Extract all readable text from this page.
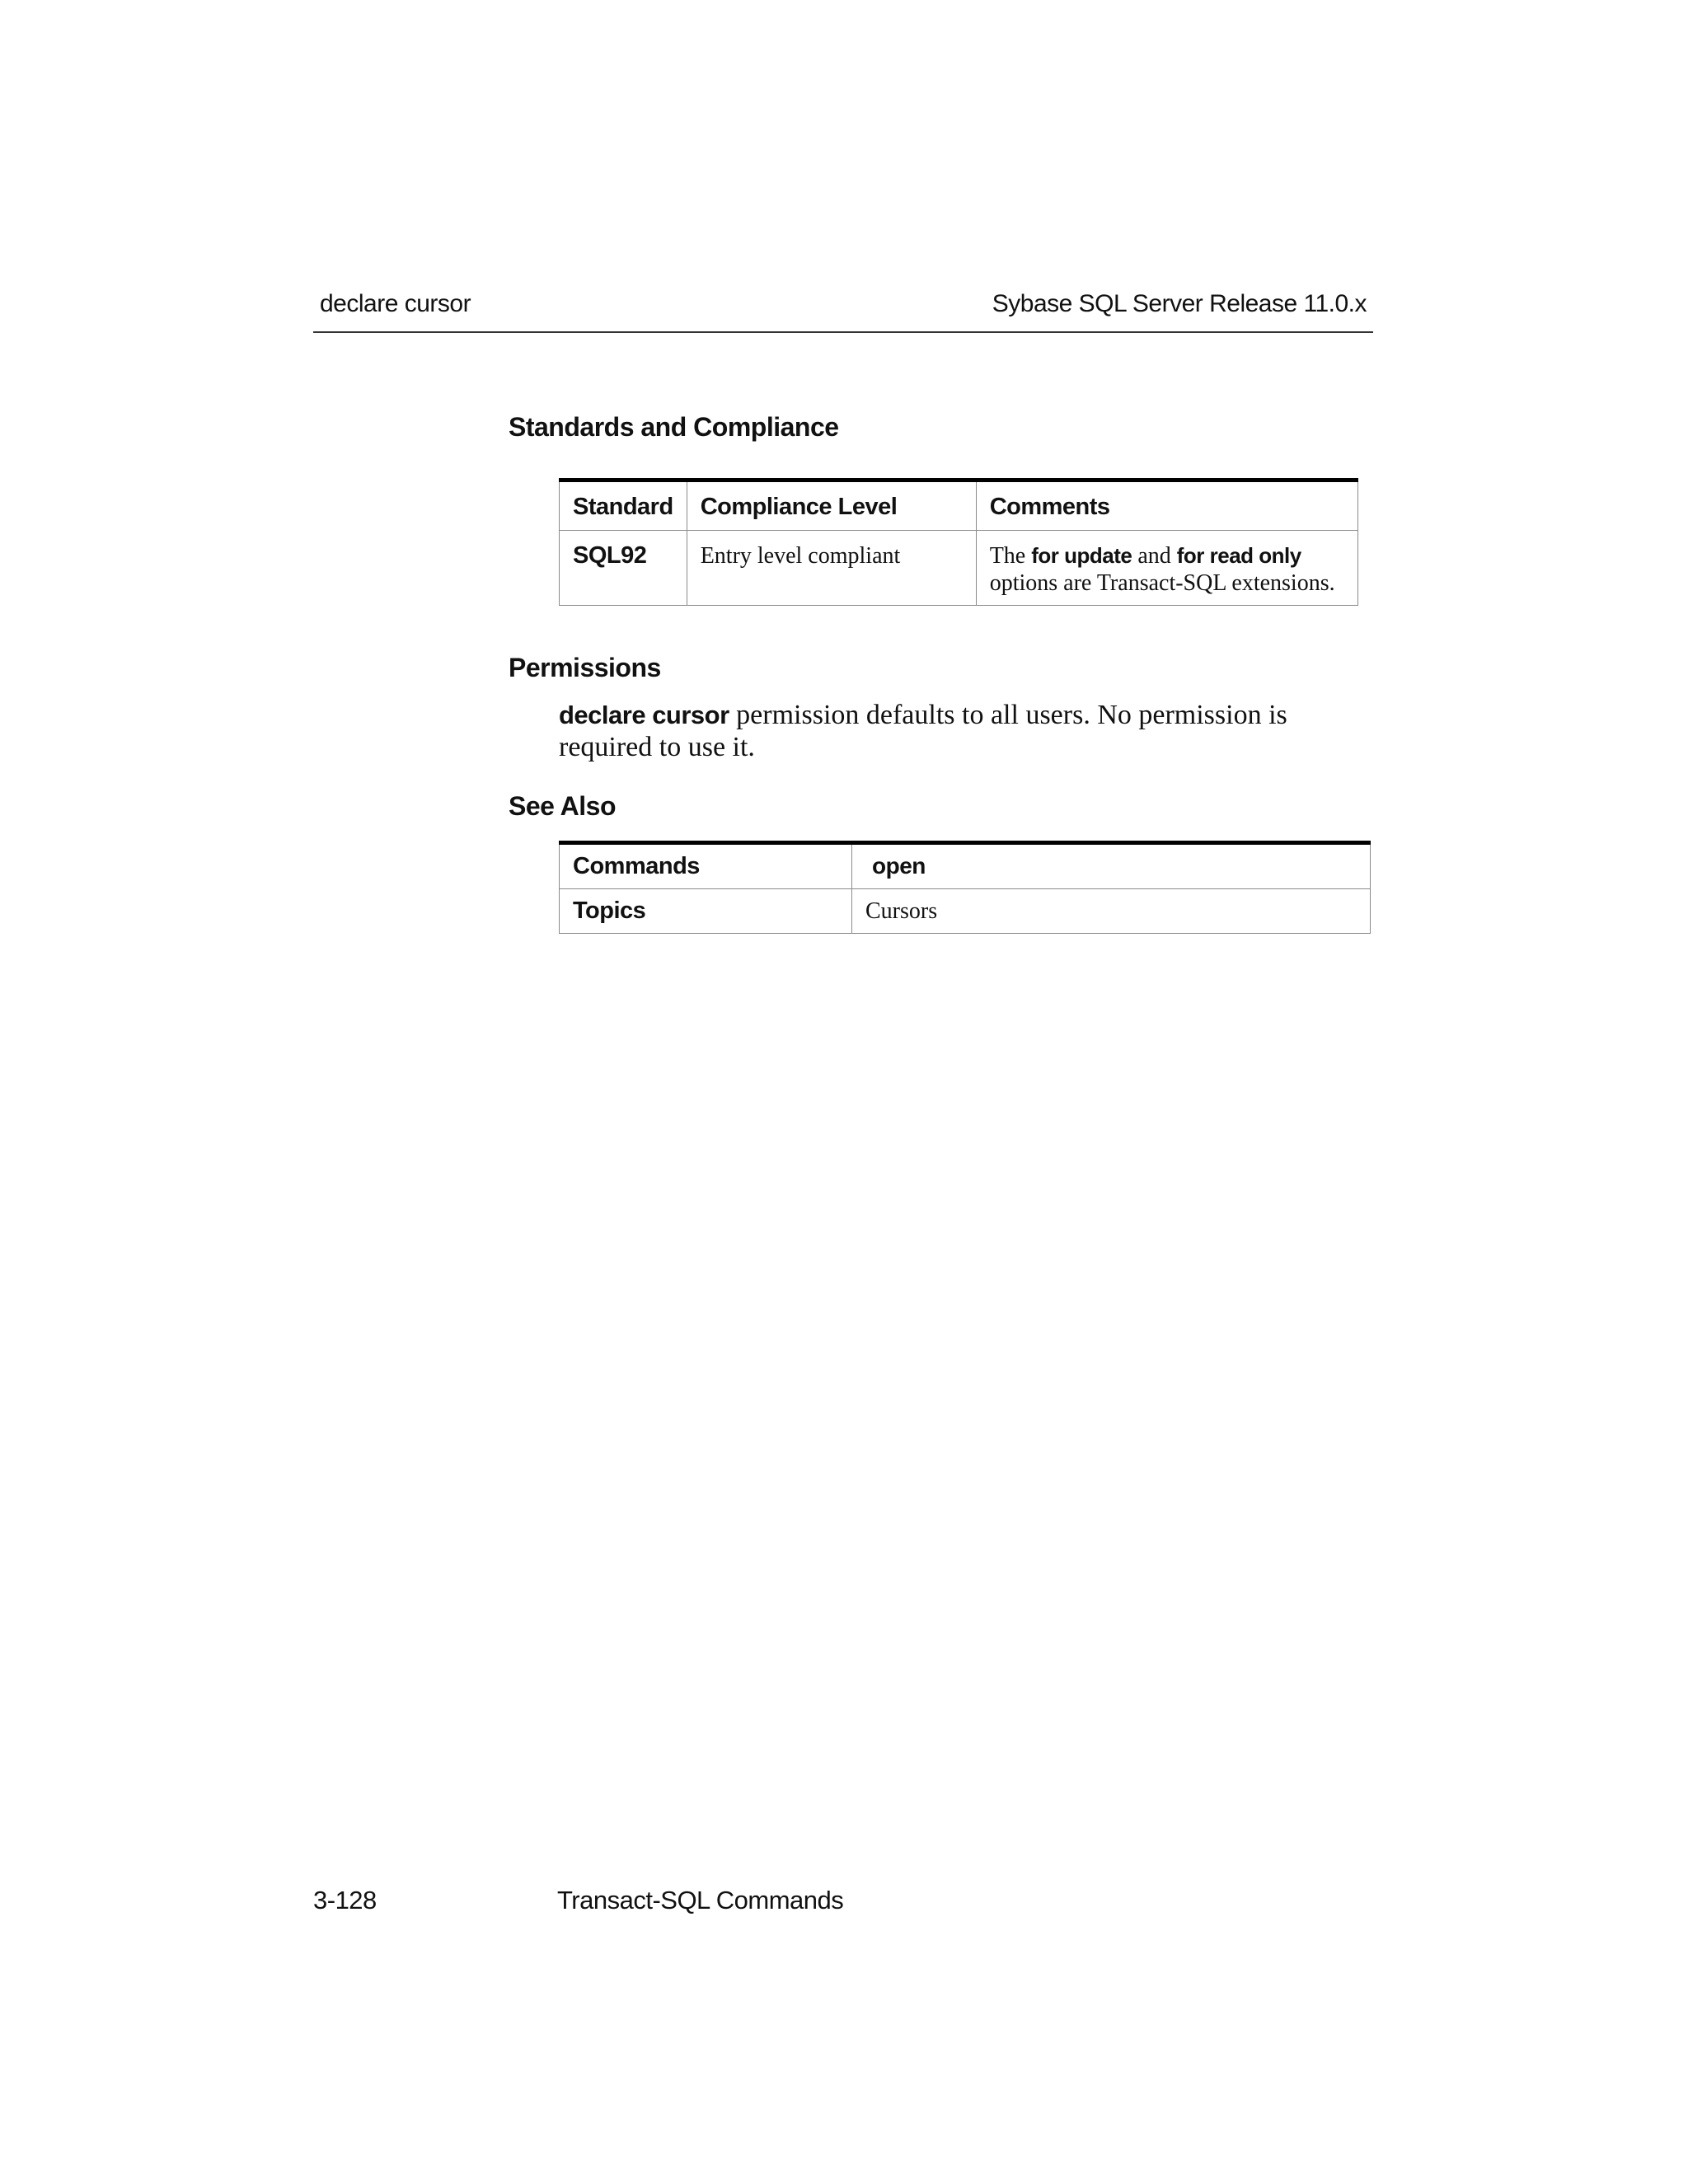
declare cursor	Sybase SQL Server Release 11.0.x
Standards and Compliance
Standard	Compliance Level	Comments
SQL92	Entry level compliant	The for update and for read only options are Transact-SQL extensions.
Permissions
declare cursor permission defaults to all users. No permission is required to use it.
See Also
Commands	open
Topics	Cursors
3-128	Transact-SQL Commands
